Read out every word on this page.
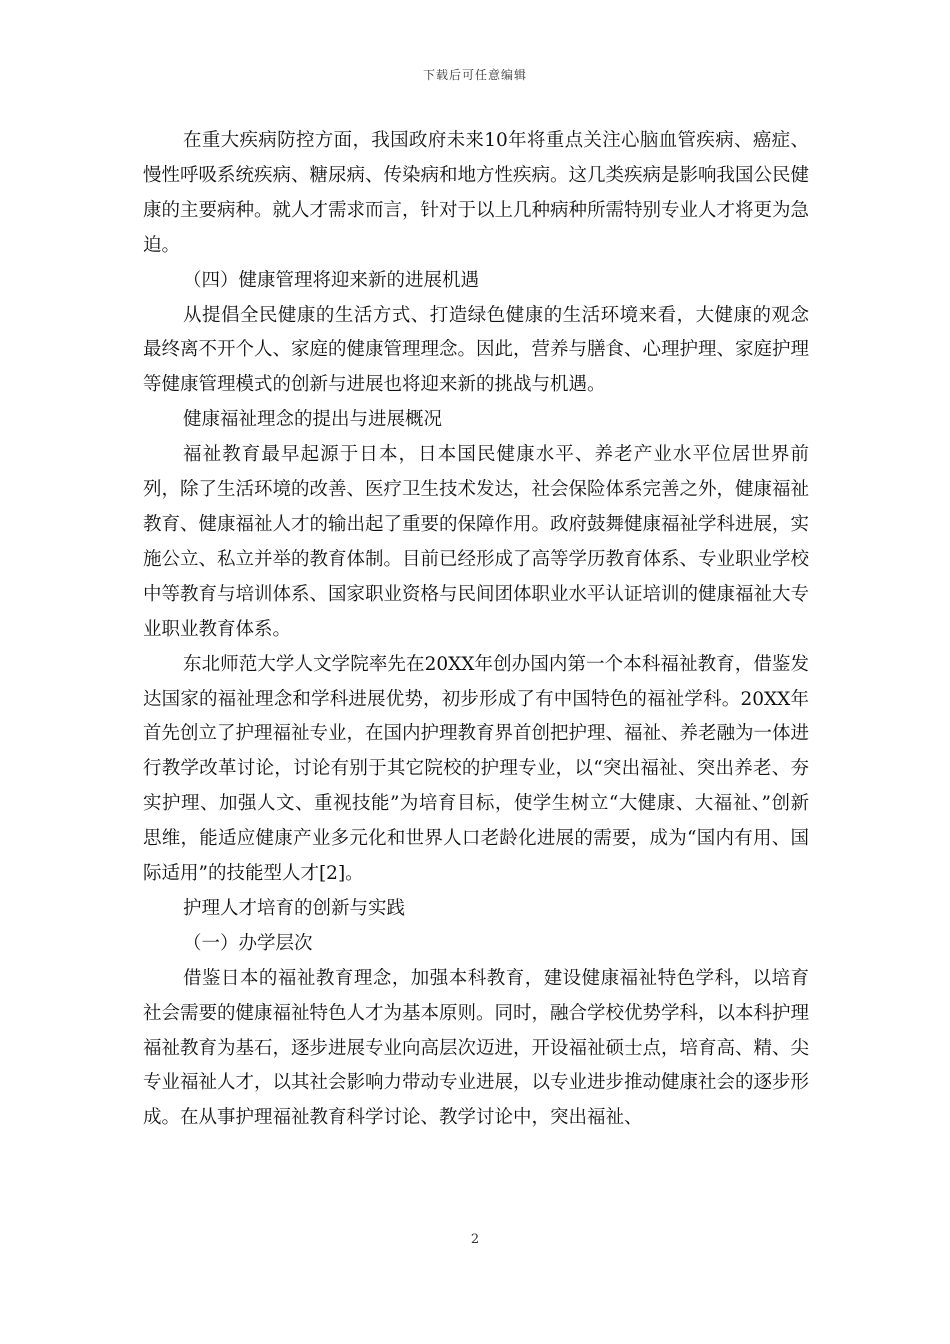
下载后可任意编辑

在重大疾病防控方面，我国政府未来10年将重点关注心脑血管疾病、癌症、慢性呼吸系统疾病、糖尿病、传染病和地方性疾病。这几类疾病是影响我国公民健康的主要病种。就人才需求而言，针对于以上几种病种所需特别专业人才将更为急迫。

（四）健康管理将迎来新的进展机遇

从提倡全民健康的生活方式、打造绿色健康的生活环境来看，大健康的观念最终离不开个人、家庭的健康管理理念。因此，营养与膳食、心理护理、家庭护理等健康管理模式的创新与进展也将迎来新的挑战与机遇。

健康福祉理念的提出与进展概况

福祉教育最早起源于日本，日本国民健康水平、养老产业水平位居世界前列，除了生活环境的改善、医疗卫生技术发达，社会保险体系完善之外，健康福祉教育、健康福祉人才的输出起了重要的保障作用。政府鼓舞健康福祉学科进展，实施公立、私立并举的教育体制。目前已经形成了高等学历教育体系、专业职业学校中等教育与培训体系、国家职业资格与民间团体职业水平认证培训的健康福祉大专业职业教育体系。

东北师范大学人文学院率先在20XX年创办国内第一个本科福祉教育，借鉴发达国家的福祉理念和学科进展优势，初步形成了有中国特色的福祉学科。20XX年首先创立了护理福祉专业，在国内护理教育界首创把护理、福祉、养老融为一体进行教学改革讨论，讨论有别于其它院校的护理专业，以“突出福祉、突出养老、夯实护理、加强人文、重视技能”为培育目标，使学生树立“大健康、大福祉、”创新思维，能适应健康产业多元化和世界人口老龄化进展的需要，成为“国内有用、国际适用”的技能型人才[2]。

护理人才培育的创新与实践

（一）办学层次

借鉴日本的福祉教育理念，加强本科教育，建设健康福祉特色学科，以培育社会需要的健康福祉特色人才为基本原则。同时，融合学校优势学科，以本科护理福祉教育为基石，逐步进展专业向高层次迈进，开设福祉硕士点，培育高、精、尖专业福祉人才，以其社会影响力带动专业进展，以专业进步推动健康社会的逐步形成。在从事护理福祉教育科学讨论、教学讨论中，突出福祉、

2
